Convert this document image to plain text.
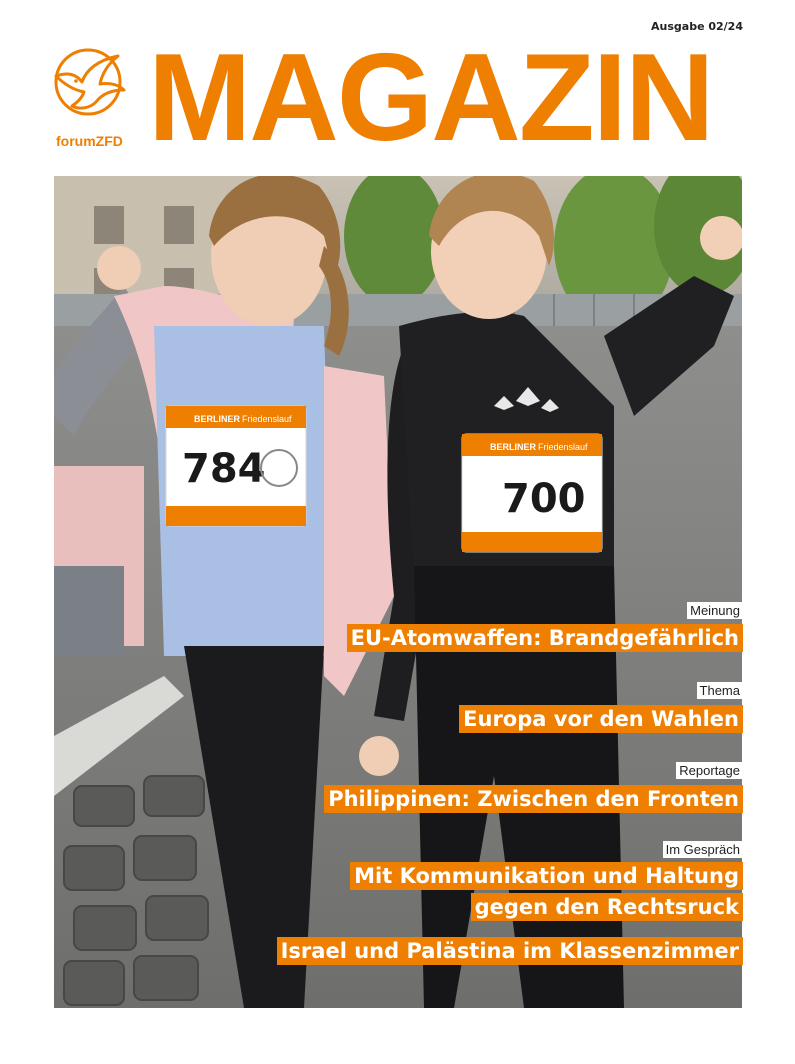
Ausgabe 02/24
forumZFD MAGAZIN
BERLINER Friedenslauf
784	BERLINER Friedenslauf
700
Meinung
EU-Atomwaffen: Brandgefährlich
Thema
Europa vor den Wahlen
Reportage
Philippinen: Zwischen den Fronten
Im Gespräch
Mit Kommunikation und Haltung
gegen den Rechtsruck
Israel und Palästina im Klassenzimmer
